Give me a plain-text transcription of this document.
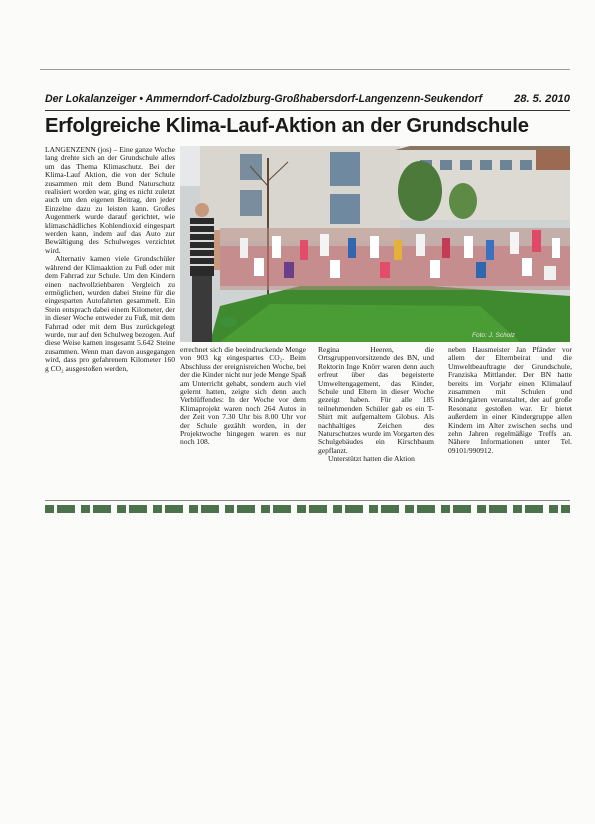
Der Lokalanzeiger • Ammerndorf-Cadolzburg-Großhabersdorf-Langenzenn-Seukendorf	28. 5. 2010
Erfolgreiche Klima-Lauf-Aktion an der Grundschule

LANGENZENN (jos) – Eine ganze Woche lang drehte sich an der Grundschule alles um das Thema Klimaschutz. Bei der Klima-Lauf Aktion, die von der Schule zusammen mit dem Bund Naturschutz realisiert worden war, ging es nicht zuletzt auch um den eigenen Beitrag, den jeder Einzelne dazu zu leisten kann. Großes Augenmerk wurde darauf gerichtet, wie klimaschädliches Kohlendioxid eingespart werden kann, indem auf das Auto zur Bewältigung des Schulweges verzichtet wird.

Alternativ kamen viele Grundschüler während der Klimaaktion zu Fuß oder mit dem Fahrrad zur Schule. Um den Kindern einen nachvollziehbaren Vergleich zu ermöglichen, wurden dabei Steine für die eingesparten Autofahrten gesammelt. Ein Stein entsprach dabei einem Kilometer, der in dieser Woche entweder zu Fuß, mit dem Fahrrad oder mit dem Bus zurückgelegt wurde, nur auf den Schulweg bezogen. Auf diese Weise kamen insgesamt 5.642 Steine zusammen. Wenn man davon ausgegangen wird, dass pro gefahrenem Kilometer 160 g CO₂ ausgestoßen werden,

Foto: J. Scholz

errechnet sich die beeindruckende Menge von 903 kg eingespartes CO₂. Beim Abschluss der ereignisreichen Woche, bei der die Kinder nicht nur jede Menge Spaß am Unterricht gehabt, sondern auch viel gelernt hatten, zeigte sich denn auch Verblüffendes: In der Woche vor dem Klimaprojekt waren noch 264 Autos in der Zeit von 7.30 Uhr bis 8.00 Uhr vor der Schule gezählt worden, in der Projektwoche hingegen waren es nur noch 108.

Regina Heeren, die Ortsgruppenvorsitzende des BN, und Rektorin Inge Knörr waren denn auch erfreut über das begeisterte Umweltengagement, das Kinder, Schule und Eltern in dieser Woche gezeigt haben. Für alle 185 teilnehmenden Schüler gab es ein T-Shirt mit aufgemaltem Globus. Als nachhaltiges Zeichen des Naturschutzes wurde im Vorgarten des Schulgebäudes ein Kirschbaum gepflanzt.

Unterstützt hatten die Aktion

neben Hausmeister Jan Pfänder vor allem der Elternbeirat und die Umweltbeauftragte der Grundschule, Franziska Mittlander. Der BN hatte bereits im Vorjahr einen Klimalauf zusammen mit Schulen und Kindergärten veranstaltet, der auf große Resonanz gestoßen war. Er bietet außerdem in einer Kindergruppe allen Kindern im Alter zwischen sechs und zehn Jahren regelmäßige Treffs an. Nähere Informationen unter Tel. 09101/990912.
